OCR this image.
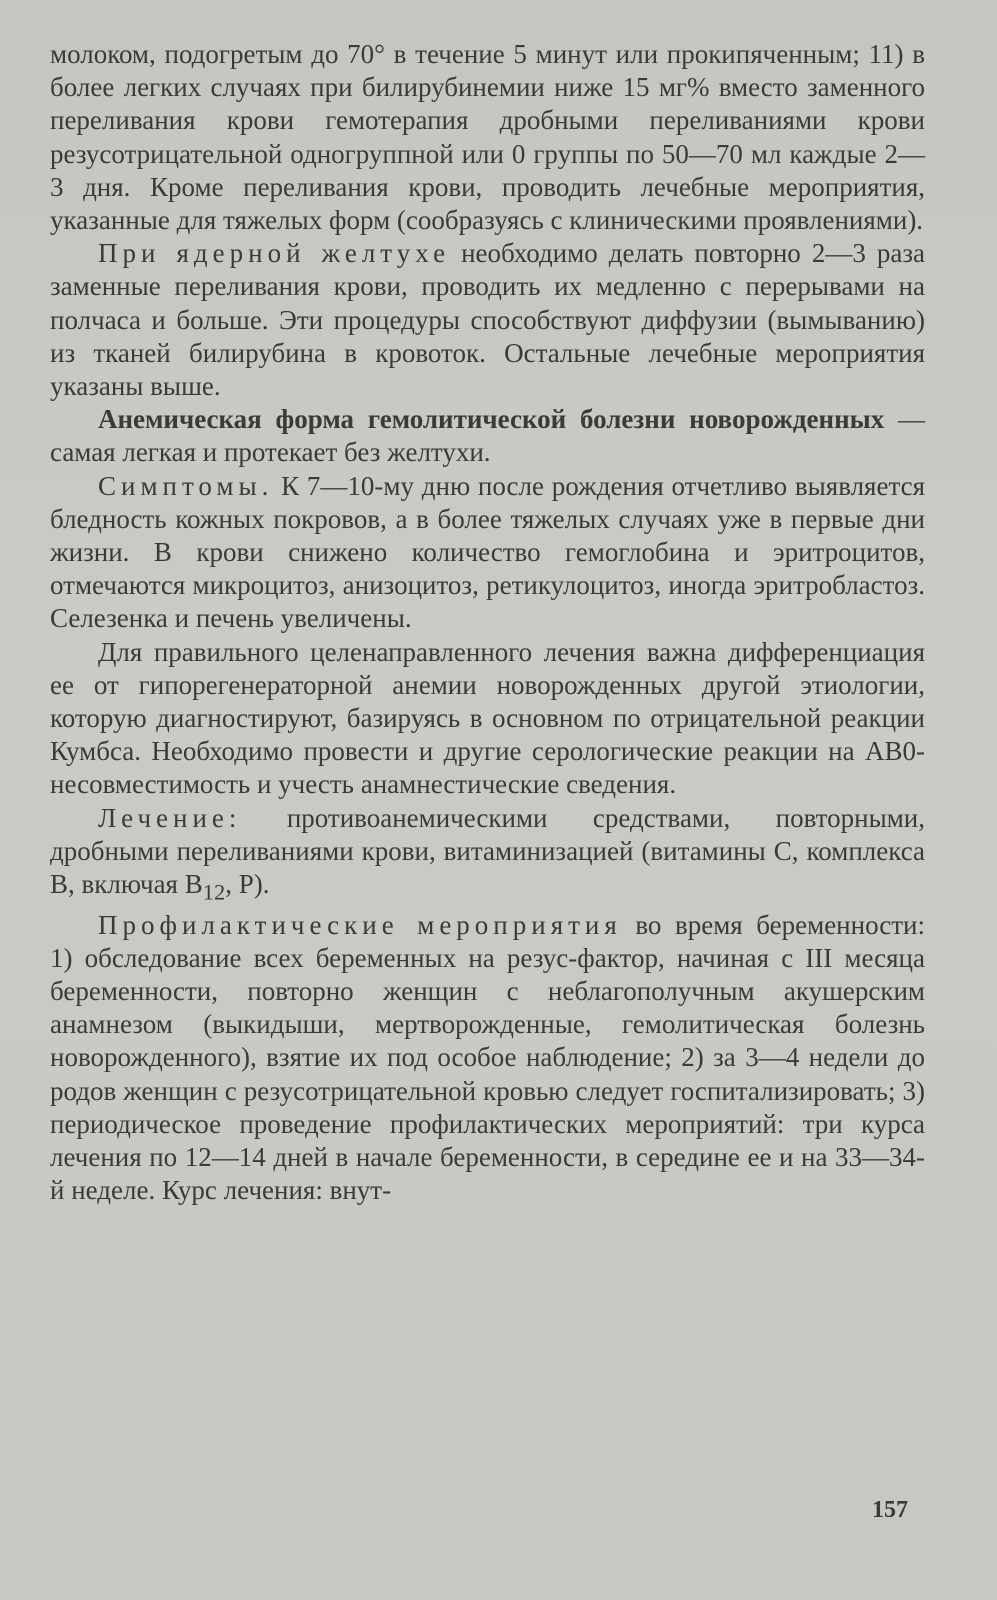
молоком, подогретым до 70° в течение 5 минут или прокипяченным; 11) в более легких случаях при билирубинемии ниже 15 мг% вместо заменного переливания крови гемотерапия дробными переливаниями крови резусотрицательной одногруппной или 0 группы по 50—70 мл каждые 2—3 дня. Кроме переливания крови, проводить лечебные мероприятия, указанные для тяжелых форм (сообразуясь с клиническими проявлениями).

При ядерной желтухе необходимо делать повторно 2—3 раза заменные переливания крови, проводить их медленно с перерывами на полчаса и больше. Эти процедуры способствуют диффузии (вымыванию) из тканей билирубина в кровоток. Остальные лечебные мероприятия указаны выше.

Анемическая форма гемолитической болезни новорожденных — самая легкая и протекает без желтухи.

Симптомы. К 7—10-му дню после рождения отчетливо выявляется бледность кожных покровов, а в более тяжелых случаях уже в первые дни жизни. В крови снижено количество гемоглобина и эритроцитов, отмечаются микроцитоз, анизоцитоз, ретикулоцитоз, иногда эритробластоз. Селезенка и печень увеличены.

Для правильного целенаправленного лечения важна дифференциация ее от гипорегенераторной анемии новорожденных другой этиологии, которую диагностируют, базируясь в основном по отрицательной реакции Кумбса. Необходимо провести и другие серологические реакции на АВ0-несовместимость и учесть анамнестические сведения.

Лечение: противоанемическими средствами, повторными, дробными переливаниями крови, витаминизацией (витамины С, комплекса В, включая $В_{12}$, Р).

Профилактические мероприятия во время беременности: 1) обследование всех беременных на резус-фактор, начиная с III месяца беременности, повторно женщин с неблагополучным акушерским анамнезом (выкидыши, мертворожденные, гемолитическая болезнь новорожденного), взятие их под особое наблюдение; 2) за 3—4 недели до родов женщин с резусотрицательной кровью следует госпитализировать; 3) периодическое проведение профилактических мероприятий: три курса лечения по 12—14 дней в начале беременности, в середине ее и на 33—34-й неделе. Курс лечения: внут-

157
